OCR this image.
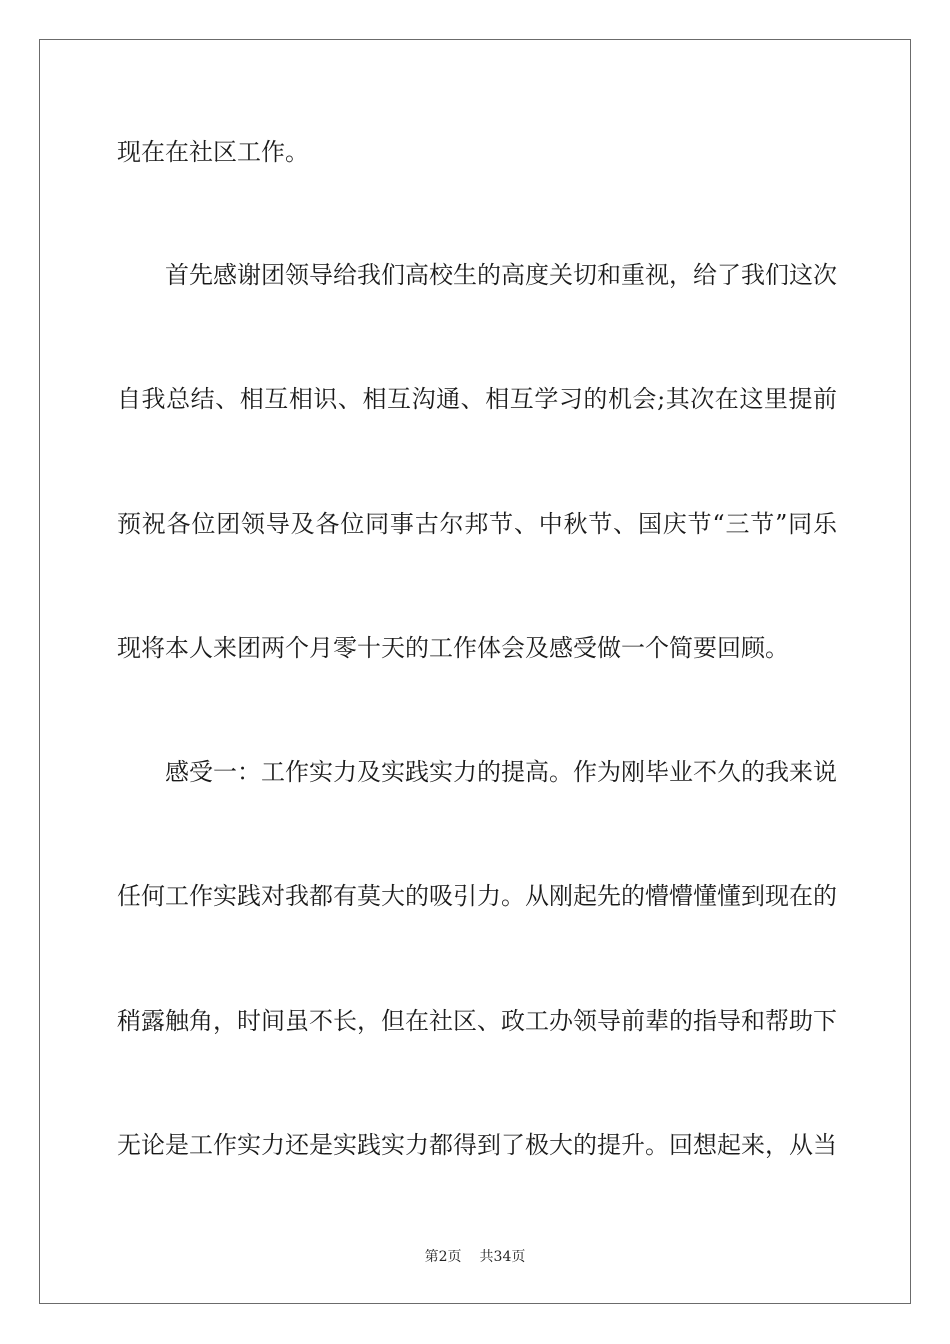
现在在社区工作。
首先感谢团领导给我们高校生的高度关切和重视，给了我们这次
自我总结、相互相识、相互沟通、相互学习的机会;其次在这里提前
预祝各位团领导及各位同事古尔邦节、中秋节、国庆节“三节”同乐
现将本人来团两个月零十天的工作体会及感受做一个简要回顾。
感受一：工作实力及实践实力的提高。作为刚毕业不久的我来说
任何工作实践对我都有莫大的吸引力。从刚起先的懵懵懂懂到现在的
稍露触角，时间虽不长，但在社区、政工办领导前辈的指导和帮助下
无论是工作实力还是实践实力都得到了极大的提升。回想起来，从当
第2页 共34页
